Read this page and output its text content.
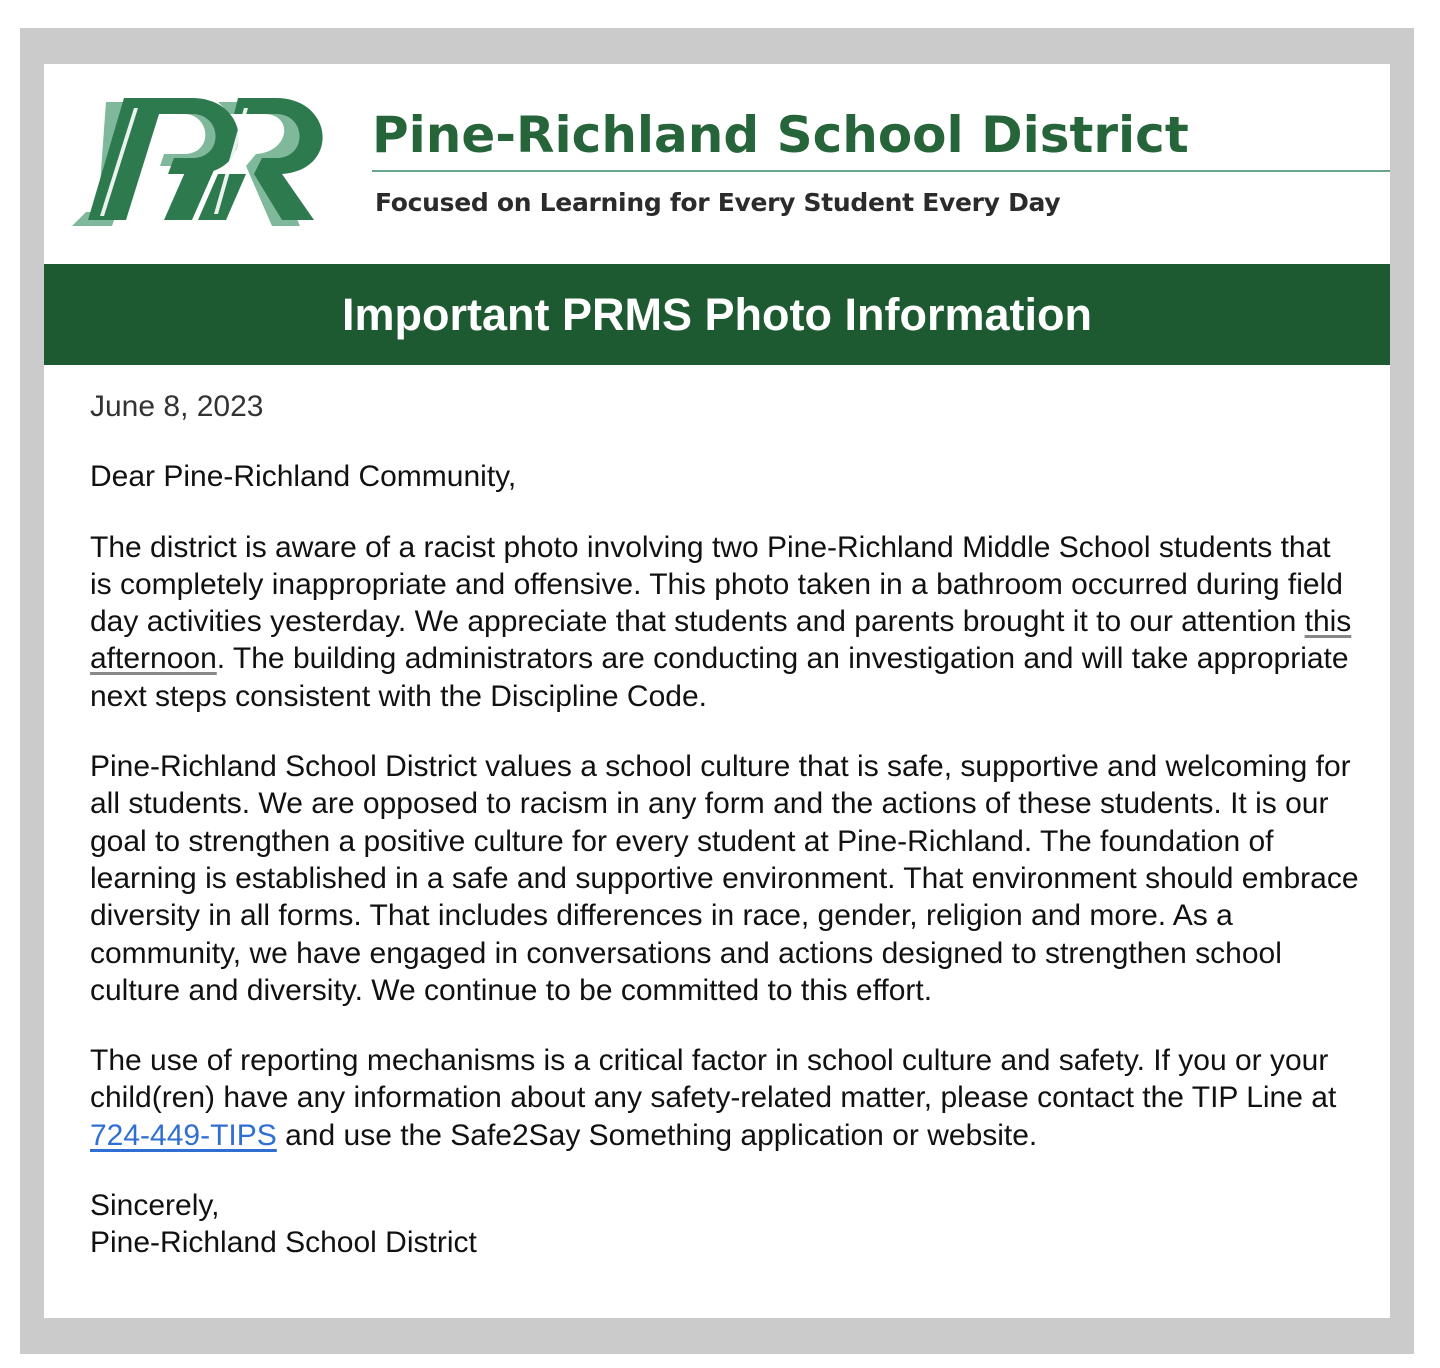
Pine-Richland School District

Focused on Learning for Every Student Every Day

Important PRMS Photo Information

June 8, 2023

Dear Pine-Richland Community,

The district is aware of a racist photo involving two Pine-Richland Middle School students that is completely inappropriate and offensive. This photo taken in a bathroom occurred during field day activities yesterday. We appreciate that students and parents brought it to our attention this afternoon. The building administrators are conducting an investigation and will take appropriate next steps consistent with the Discipline Code.

Pine-Richland School District values a school culture that is safe, supportive and welcoming for all students. We are opposed to racism in any form and the actions of these students. It is our goal to strengthen a positive culture for every student at Pine-Richland. The foundation of learning is established in a safe and supportive environment. That environment should embrace diversity in all forms. That includes differences in race, gender, religion and more. As a community, we have engaged in conversations and actions designed to strengthen school culture and diversity. We continue to be committed to this effort.

The use of reporting mechanisms is a critical factor in school culture and safety. If you or your child(ren) have any information about any safety-related matter, please contact the TIP Line at 724-449-TIPS and use the Safe2Say Something application or website.

Sincerely,

Pine-Richland School District
